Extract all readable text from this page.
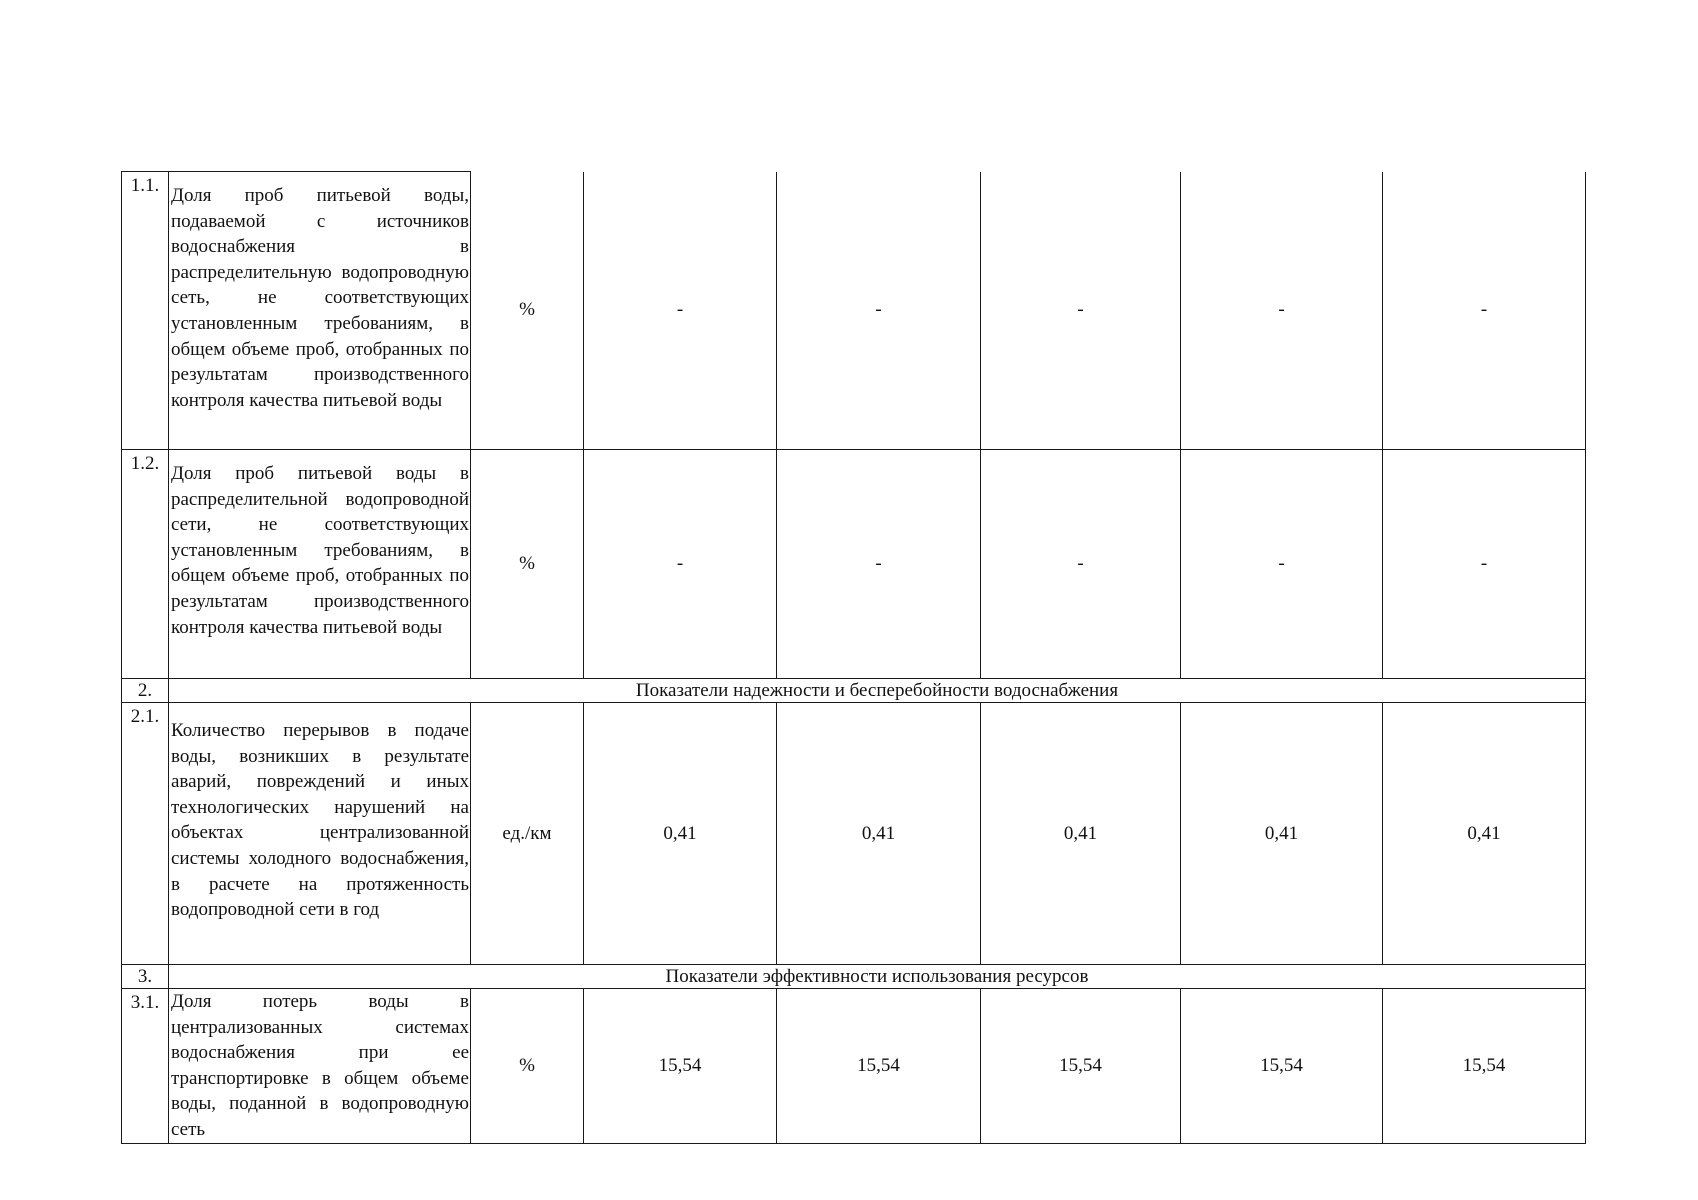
1.1.	Доля проб питьевой воды, подаваемой с источников водоснабжения в распределительную водопроводную сеть, не соответствующих установленным требованиям, в общем объеме проб, отобранных по результатам производственного контроля качества питьевой воды	%	-	-	-	-	-
1.2.	Доля проб питьевой воды в распределительной водопроводной сети, не соответствующих установленным требованиям, в общем объеме проб, отобранных по результатам производственного контроля качества питьевой воды	%	-	-	-	-	-
2.	Показатели надежности и бесперебойности водоснабжения						
2.1.	Количество перерывов в подаче воды, возникших в результате аварий, повреждений и иных технологических нарушений на объектах централизованной системы холодного водоснабжения, в расчете на протяженность водопроводной сети в год	ед./км	0,41	0,41	0,41	0,41	0,41
3.	Показатели эффективности использования ресурсов						
3.1.	Доля потерь воды в централизованных системах водоснабжения при ее транспортировке в общем объеме воды, поданной в водопроводную сеть	%	15,54	15,54	15,54	15,54	15,54
